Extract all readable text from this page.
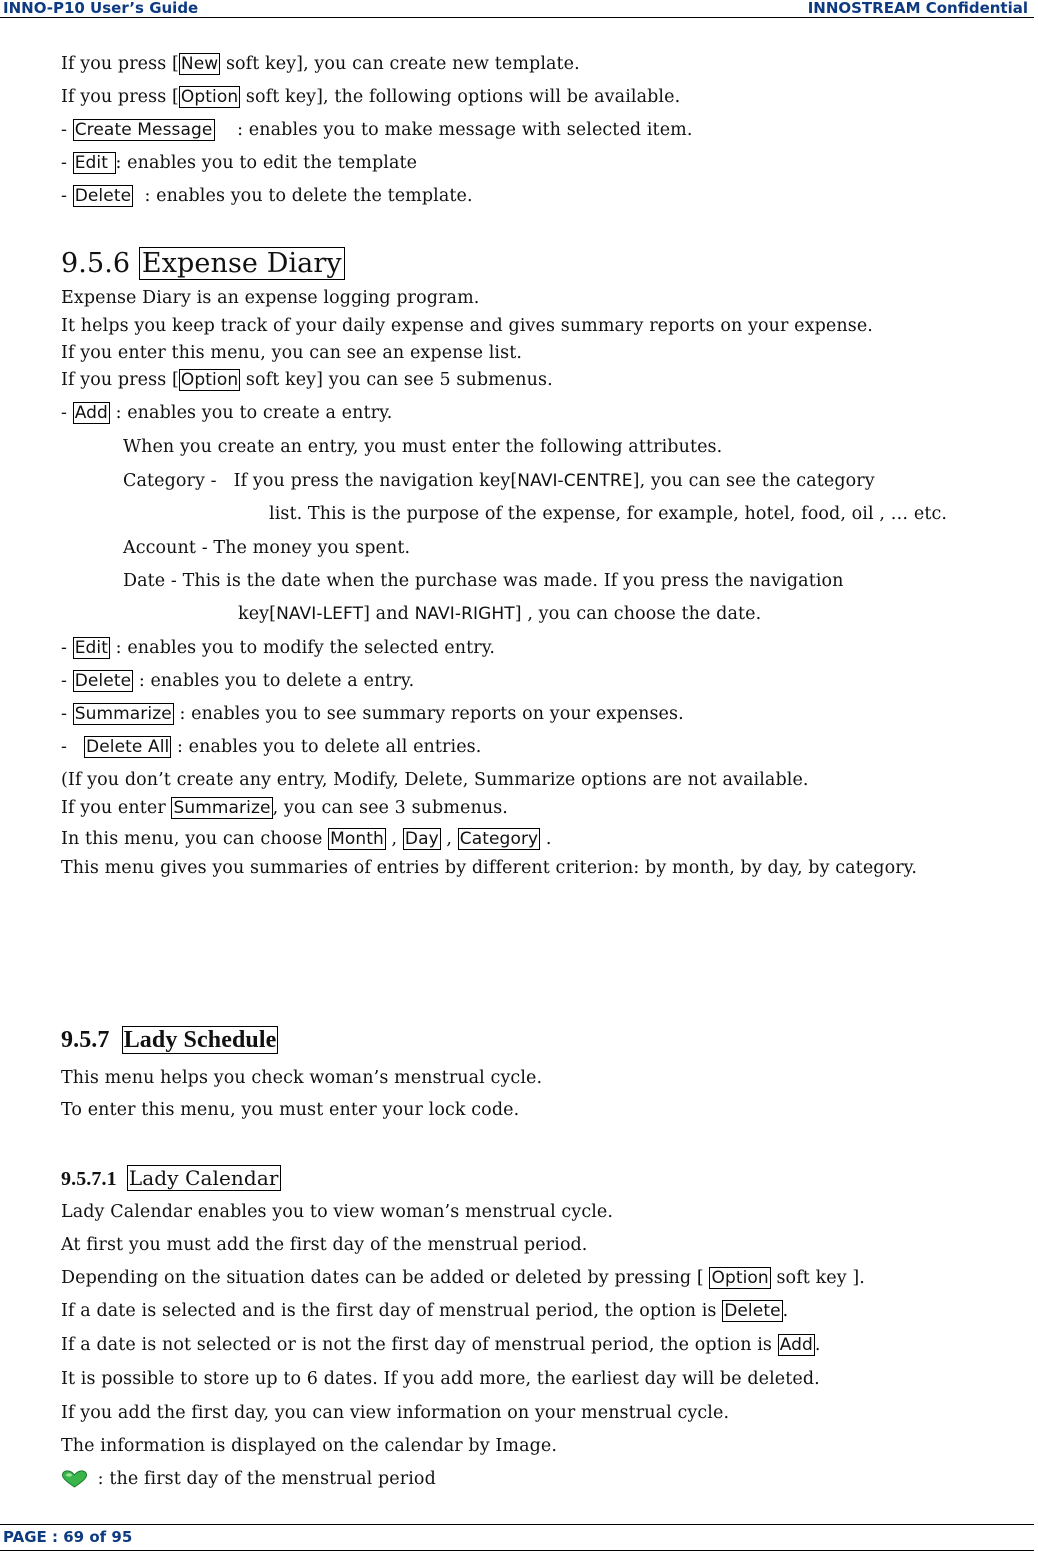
INNO-P10 User’s Guide	INNOSTREAM Confidential
If you press [ New soft key], you can create new template.
If you press [ Option soft key], the following options will be available.
- Create Message    : enables you to make message with selected item.
- Edit : enables you to edit the template
- Delete  : enables you to delete the template.
9.5.6 Expense Diary
Expense Diary is an expense logging program.
It helps you keep track of your daily expense and gives summary reports on your expense.
If you enter this menu, you can see an expense list.
If you press [ Option soft key] you can see 5 submenus.
- Add : enables you to create a entry.
When you create an entry, you must enter the following attributes.
Category -   If you press the navigation key[NAVI-CENTRE], you can see the category
list. This is the purpose of the expense, for example, hotel, food, oil , … etc.
Account - The money you spent.
Date - This is the date when the purchase was made. If you press the navigation
key[NAVI-LEFT] and NAVI-RIGHT] , you can choose the date.
- Edit : enables you to modify the selected entry.
- Delete : enables you to delete a entry.
- Summarize : enables you to see summary reports on your expenses.
-   Delete All : enables you to delete all entries.
(If you don’t create any entry, Modify, Delete, Summarize options are not available.
If you enter Summarize , you can see 3 submenus.
In this menu, you can choose Month , Day , Category .
This menu gives you summaries of entries by different criterion: by month, by day, by category.
9.5.7  Lady Schedule
This menu helps you check woman’s menstrual cycle.
To enter this menu, you must enter your lock code.
9.5.7.1  Lady Calendar
Lady Calendar enables you to view woman’s menstrual cycle.
At first you must add the first day of the menstrual period.
Depending on the situation dates can be added or deleted by pressing [ Option soft key ].
If a date is selected and is the first day of menstrual period, the option is Delete .
If a date is not selected or is not the first day of menstrual period, the option is Add .
It is possible to store up to 6 dates. If you add more, the earliest day will be deleted.
If you add the first day, you can view information on your menstrual cycle.
The information is displayed on the calendar by Image.
: the first day of the menstrual period
PAGE : 69 of 95
